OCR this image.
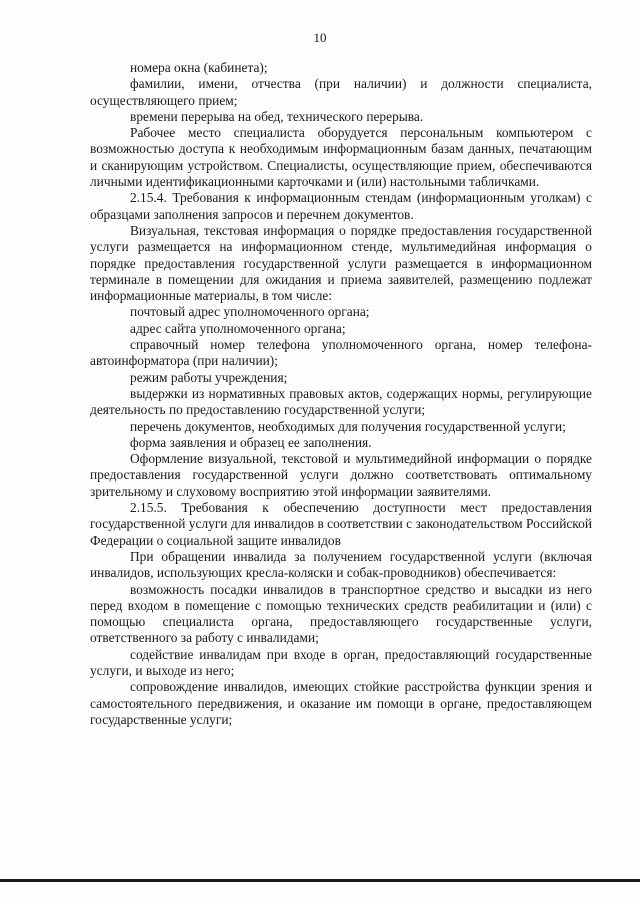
10

номера окна (кабинета);

фамилии, имени, отчества (при наличии) и должности специалиста, осуществляющего прием;

времени перерыва на обед, технического перерыва.

Рабочее место специалиста оборудуется персональным компьютером с возможностью доступа к необходимым информационным базам данных, печатающим и сканирующим устройством. Специалисты, осуществляющие прием, обеспечиваются личными идентификационными карточками и (или) настольными табличками.

2.15.4. Требования к информационным стендам (информационным уголкам) с образцами заполнения запросов и перечнем документов.

Визуальная, текстовая информация о порядке предоставления государственной услуги размещается на информационном стенде, мультимедийная информация о порядке предоставления государственной услуги размещается в информационном терминале в помещении для ожидания и приема заявителей, размещению подлежат информационные материалы, в том числе:

почтовый адрес уполномоченного органа;

адрес сайта уполномоченного органа;

справочный номер телефона уполномоченного органа, номер телефона-автоинформатора (при наличии);

режим работы учреждения;

выдержки из нормативных правовых актов, содержащих нормы, регулирующие деятельность по предоставлению государственной услуги;

перечень документов, необходимых для получения государственной услуги;

форма заявления и образец ее заполнения.

Оформление визуальной, текстовой и мультимедийной информации о порядке предоставления государственной услуги должно соответствовать оптимальному зрительному и слуховому восприятию этой информации заявителями.

2.15.5. Требования к обеспечению доступности мест предоставления государственной услуги для инвалидов в соответствии с законодательством Российской Федерации о социальной защите инвалидов

При обращении инвалида за получением государственной услуги (включая инвалидов, использующих кресла-коляски и собак-проводников) обеспечивается:

возможность посадки инвалидов в транспортное средство и высадки из него перед входом в помещение с помощью технических средств реабилитации и (или) с помощью специалиста органа, предоставляющего государственные услуги, ответственного за работу с инвалидами;

содействие инвалидам при входе в орган, предоставляющий государственные услуги, и выходе из него;

сопровождение инвалидов, имеющих стойкие расстройства функции зрения и самостоятельного передвижения, и оказание им помощи в органе, предоставляющем государственные услуги;
